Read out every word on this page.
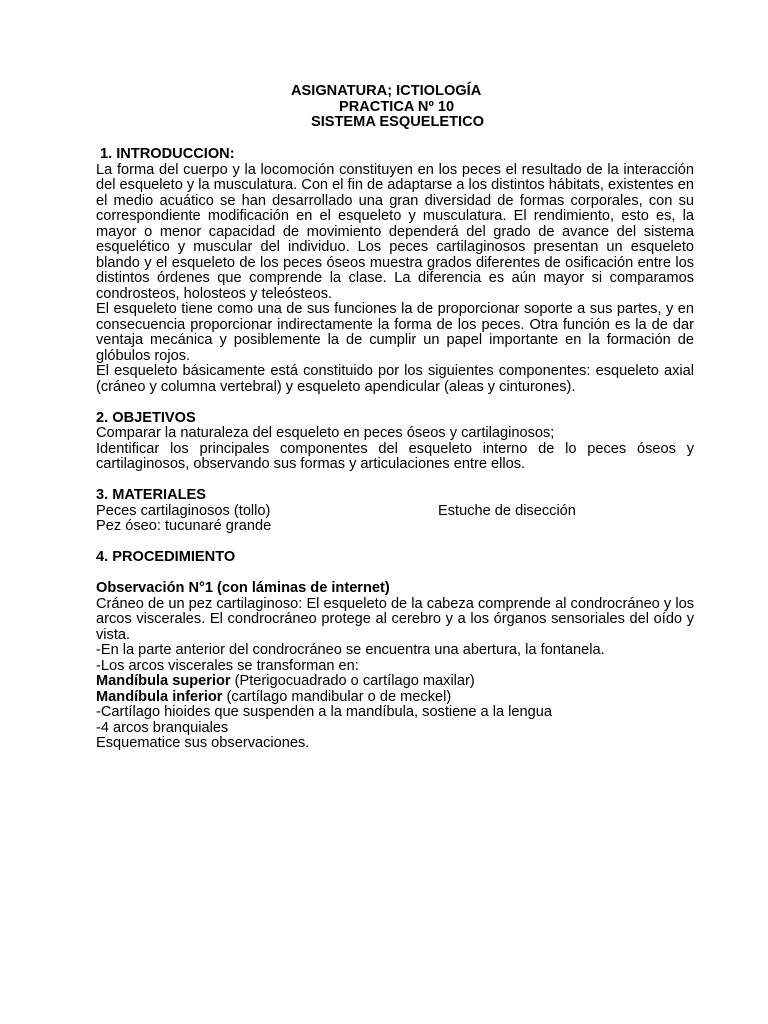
ASIGNATURA; ICTIOLOGÍA
PRACTICA Nº 10
SISTEMA ESQUELETICO
1. INTRODUCCION:

La forma del cuerpo y la locomoción constituyen en los peces el resultado de la interacción del esqueleto y la musculatura. Con el fin de adaptarse a los distintos hábitats, existentes en el medio acuático se han desarrollado una gran diversidad de formas corporales, con su correspondiente modificación en el esqueleto y musculatura. El rendimiento, esto es, la mayor o menor capacidad de movimiento dependerá del grado de avance del sistema esquelético y muscular del individuo. Los peces cartilaginosos presentan un esqueleto blando y el esqueleto de los peces óseos muestra grados diferentes de osificación entre los distintos órdenes que comprende la clase. La diferencia es aún mayor si comparamos condrosteos, holosteos y teleósteos.

El esqueleto tiene como una de sus funciones la de proporcionar soporte a sus partes, y en consecuencia proporcionar indirectamente la forma de los peces. Otra función es la de dar ventaja mecánica y posiblemente la de cumplir un papel importante en la formación de glóbulos rojos.

El esqueleto básicamente está constituido por los siguientes componentes: esqueleto axial (cráneo y columna vertebral) y esqueleto apendicular (aleas y cinturones).

2. OBJETIVOS

Comparar la naturaleza del esqueleto en peces óseos y cartilaginosos;

Identificar los principales componentes del esqueleto interno de lo peces óseos y cartilaginosos, observando sus formas y articulaciones entre ellos.

3. MATERIALES
Peces cartilaginosos (tollo)	Estuche de disección
Pez óseo: tucunaré grande
4. PROCEDIMIENTO
Observación N°1 (con láminas de internet)

Cráneo de un pez cartilaginoso: El esqueleto de la cabeza comprende al condrocráneo y los arcos viscerales. El condrocráneo protege al cerebro y a los órganos sensoriales del oído y vista.

-En la parte anterior del condrocráneo se encuentra una abertura, la fontanela.
-Los arcos viscerales se transforman en:
Mandíbula superior (Pterigocuadrado o cartílago maxilar)
Mandíbula inferior (cartílago mandibular o de meckel)
-Cartílago hioides que suspenden a la mandíbula, sostiene a la lengua
-4 arcos branquiales
Esquematice sus observaciones.
